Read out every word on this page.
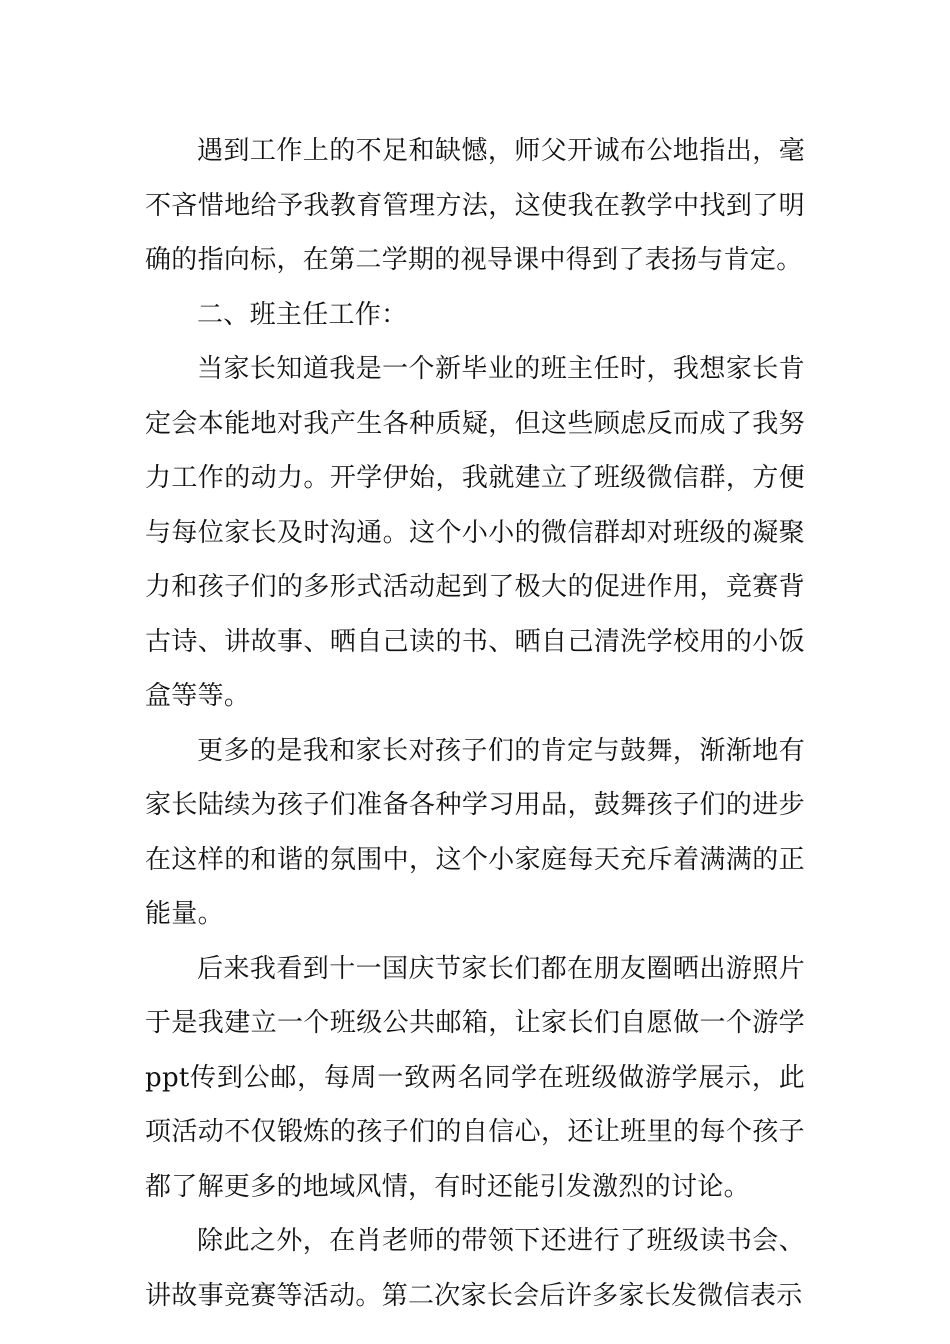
遇到工作上的不足和缺憾，师父开诚布公地指出，毫不吝惜地给予我教育管理方法，这使我在教学中找到了明确的指向标，在第二学期的视导课中得到了表扬与肯定。

二、班主任工作：

当家长知道我是一个新毕业的班主任时，我想家长肯定会本能地对我产生各种质疑，但这些顾虑反而成了我努力工作的动力。开学伊始，我就建立了班级微信群，方便与每位家长及时沟通。这个小小的微信群却对班级的凝聚力和孩子们的多形式活动起到了极大的促进作用，竞赛背古诗、讲故事、晒自己读的书、晒自己清洗学校用的小饭盒等等。

更多的是我和家长对孩子们的肯定与鼓舞，渐渐地有家长陆续为孩子们准备各种学习用品，鼓舞孩子们的进步在这样的和谐的氛围中，这个小家庭每天充斥着满满的正能量。

后来我看到十一国庆节家长们都在朋友圈晒出游照片于是我建立一个班级公共邮箱，让家长们自愿做一个游学ppt传到公邮，每周一致两名同学在班级做游学展示，此项活动不仅锻炼的孩子们的自信心，还让班里的每个孩子都了解更多的地域风情，有时还能引发激烈的讨论。

除此之外，在肖老师的带领下还进行了班级读书会、讲故事竞赛等活动。第二次家长会后许多家长发微信表示
